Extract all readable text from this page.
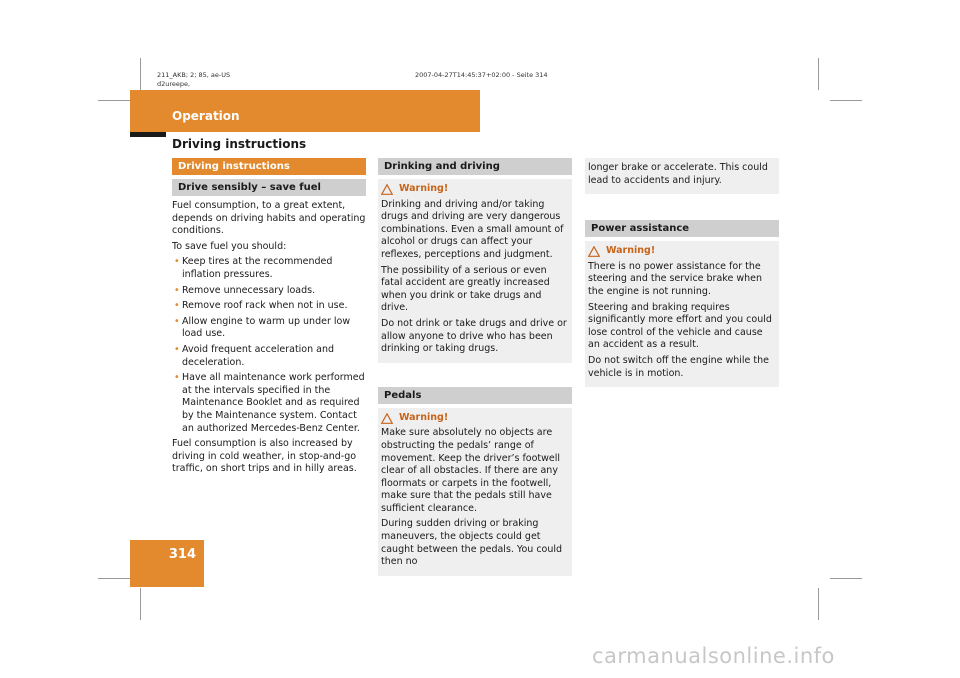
211_AKB; 2; 85, ae-US	2007-04-27T14:45:37+02:00 - Seite 314
d2ureepe,
Operation
Driving instructions
Driving instructions
Drive sensibly – save fuel

Fuel consumption, to a great extent, depends on driving habits and operating conditions.

To save fuel you should:

• Keep tires at the recommended inflation pressures.
• Remove unnecessary loads.
• Remove roof rack when not in use.
• Allow engine to warm up under low load use.
• Avoid frequent acceleration and deceleration.
• Have all maintenance work performed at the intervals specified in the Maintenance Booklet and as required by the Maintenance system. Contact an authorized Mercedes-Benz Center.

Fuel consumption is also increased by driving in cold weather, in stop-and-go traffic, on short trips and in hilly areas.

Drinking and driving
Warning!

Drinking and driving and/or taking drugs and driving are very dangerous combinations. Even a small amount of alcohol or drugs can affect your reflexes, perceptions and judgment.

The possibility of a serious or even fatal accident are greatly increased when you drink or take drugs and drive.

Do not drink or take drugs and drive or allow anyone to drive who has been drinking or taking drugs.

Pedals
Warning!

Make sure absolutely no objects are obstructing the pedals’ range of movement. Keep the driver’s footwell clear of all obstacles. If there are any floormats or carpets in the footwell, make sure that the pedals still have sufficient clearance.

During sudden driving or braking maneuvers, the objects could get caught between the pedals. You could then no

longer brake or accelerate. This could lead to accidents and injury.

Power assistance
Warning!

There is no power assistance for the steering and the service brake when the engine is not running.

Steering and braking requires significantly more effort and you could lose control of the vehicle and cause an accident as a result.

Do not switch off the engine while the vehicle is in motion.

314
carmanualsonline.info
